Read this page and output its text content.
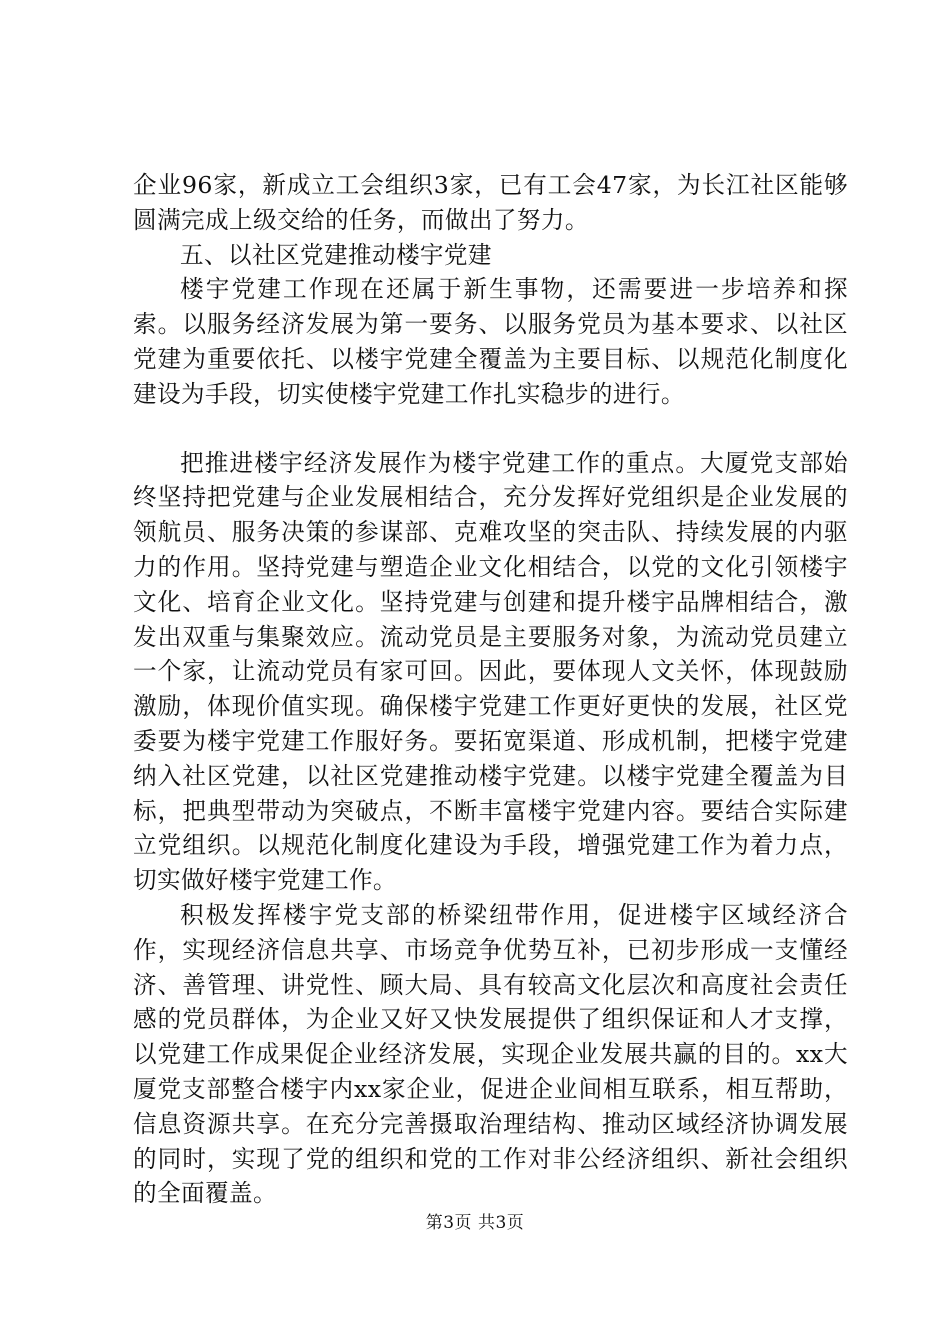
企业96家，新成立工会组织3家，已有工会47家，为长江社区能够圆满完成上级交给的任务，而做出了努力。

五、以社区党建推动楼宇党建

楼宇党建工作现在还属于新生事物，还需要进一步培养和探索。以服务经济发展为第一要务、以服务党员为基本要求、以社区党建为重要依托、以楼宇党建全覆盖为主要目标、以规范化制度化建设为手段，切实使楼宇党建工作扎实稳步的进行。

把推进楼宇经济发展作为楼宇党建工作的重点。大厦党支部始终坚持把党建与企业发展相结合，充分发挥好党组织是企业发展的领航员、服务决策的参谋部、克难攻坚的突击队、持续发展的内驱力的作用。坚持党建与塑造企业文化相结合，以党的文化引领楼宇文化、培育企业文化。坚持党建与创建和提升楼宇品牌相结合，激发出双重与集聚效应。流动党员是主要服务对象，为流动党员建立一个家，让流动党员有家可回。因此，要体现人文关怀，体现鼓励激励，体现价值实现。确保楼宇党建工作更好更快的发展，社区党委要为楼宇党建工作服好务。要拓宽渠道、形成机制，把楼宇党建纳入社区党建，以社区党建推动楼宇党建。以楼宇党建全覆盖为目标，把典型带动为突破点，不断丰富楼宇党建内容。要结合实际建立党组织。以规范化制度化建设为手段，增强党建工作为着力点，切实做好楼宇党建工作。

积极发挥楼宇党支部的桥梁纽带作用，促进楼宇区域经济合作，实现经济信息共享、市场竞争优势互补，已初步形成一支懂经济、善管理、讲党性、顾大局、具有较高文化层次和高度社会责任感的党员群体，为企业又好又快发展提供了组织保证和人才支撑，以党建工作成果促企业经济发展，实现企业发展共赢的目的。xx大厦党支部整合楼宇内xx家企业，促进企业间相互联系，相互帮助，信息资源共享。在充分完善摄取治理结构、推动区域经济协调发展的同时，实现了党的组织和党的工作对非公经济组织、新社会组织的全面覆盖。

第3页 共3页
